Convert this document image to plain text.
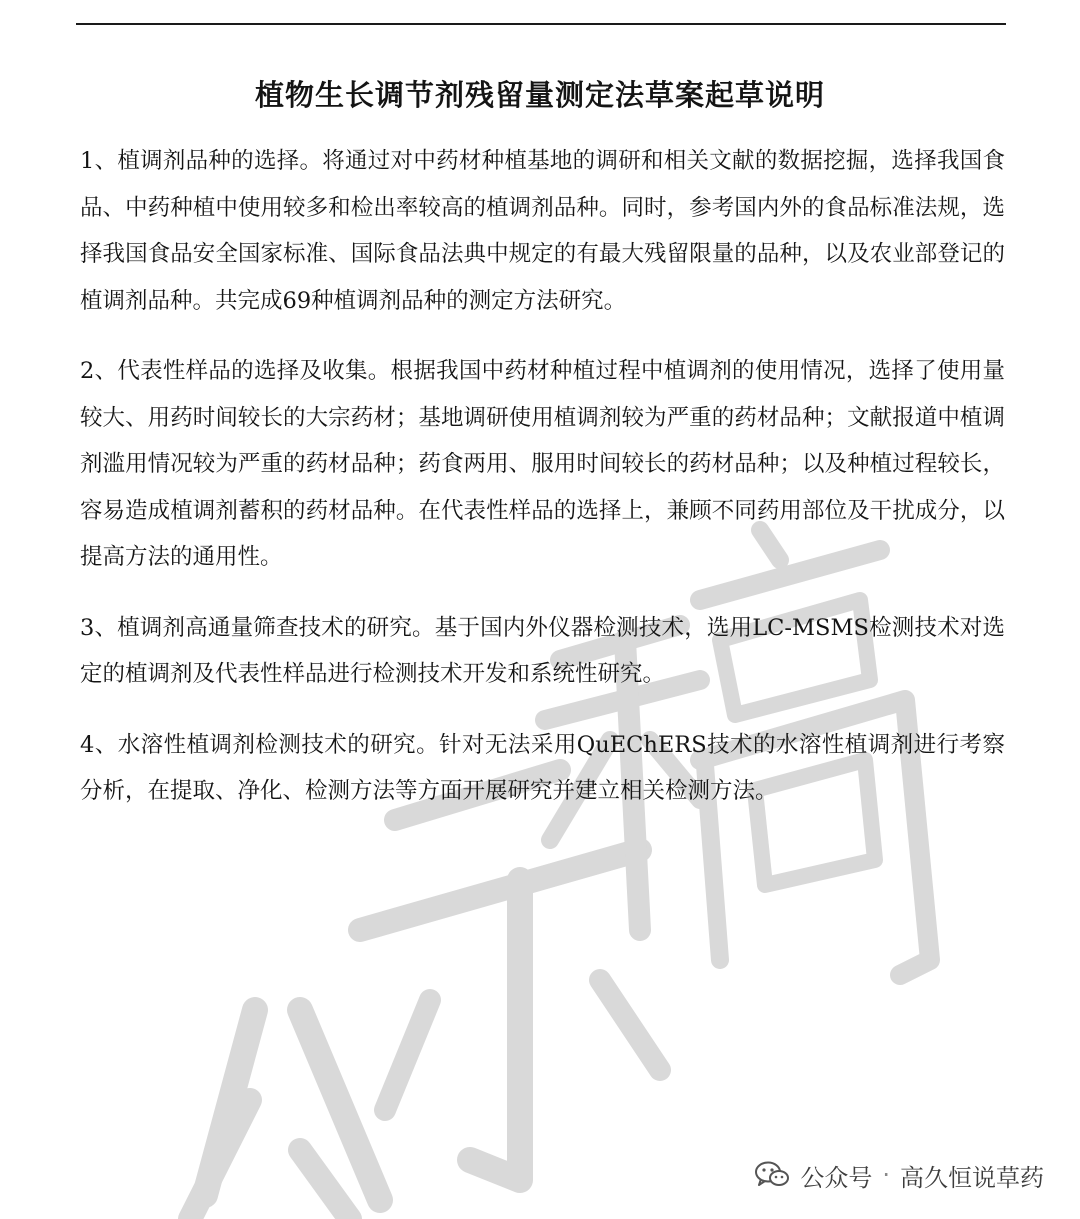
植物生长调节剂残留量测定法草案起草说明

1、植调剂品种的选择。将通过对中药材种植基地的调研和相关文献的数据挖掘，选择我国食品、中药种植中使用较多和检出率较高的植调剂品种。同时，参考国内外的食品标准法规，选择我国食品安全国家标准、国际食品法典中规定的有最大残留限量的品种，以及农业部登记的植调剂品种。共完成69种植调剂品种的测定方法研究。

2、代表性样品的选择及收集。根据我国中药材种植过程中植调剂的使用情况，选择了使用量较大、用药时间较长的大宗药材；基地调研使用植调剂较为严重的药材品种；文献报道中植调剂滥用情况较为严重的药材品种；药食两用、服用时间较长的药材品种；以及种植过程较长，容易造成植调剂蓄积的药材品种。在代表性样品的选择上，兼顾不同药用部位及干扰成分，以提高方法的通用性。

3、植调剂高通量筛查技术的研究。基于国内外仪器检测技术，选用LC-MSMS检测技术对选定的植调剂及代表性样品进行检测技术开发和系统性研究。

4、水溶性植调剂检测技术的研究。针对无法采用QuEChERS技术的水溶性植调剂进行考察分析，在提取、净化、检测方法等方面开展研究并建立相关检测方法。

公众号 · 高久恒说草药
